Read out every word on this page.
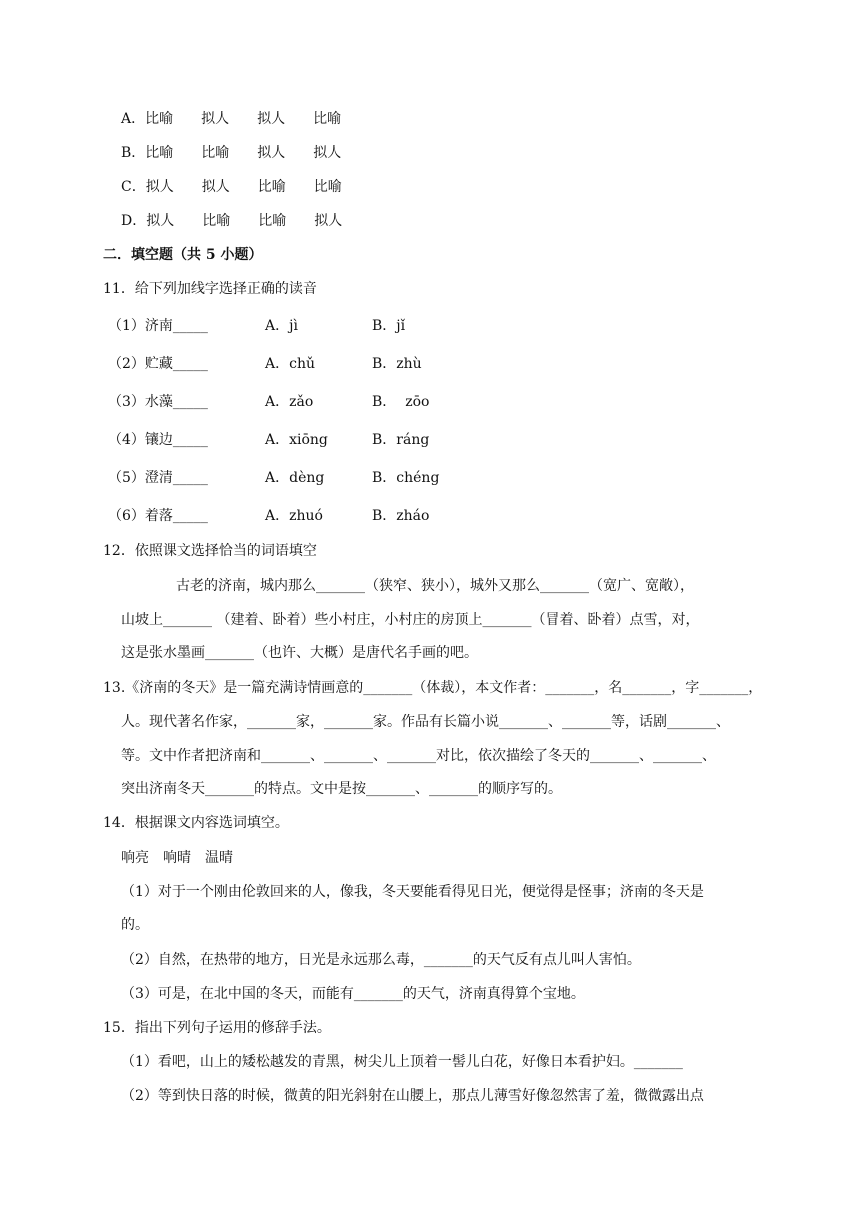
A．比喻　　拟人　　拟人　　比喻
B．比喻　　比喻　　拟人　　拟人
C．拟人　　拟人　　比喻　　比喻
D．拟人　　比喻　　比喻　　拟人
二．填空题（共 5 小题）
11．给下列加线字选择正确的读音
（1）济南_____	A．jì	B．jǐ
（2）贮藏_____	A．chǔ	B．zhù
（3）水藻_____	A．zǎo	B．  zōo
（4）镶边_____	A．xiōng	B．ráng
（5）澄清_____	A．dèng	B．chéng
（6）着落_____	A．zhuó	B．zháo
12．依照课文选择恰当的词语填空
古老的济南，城内那么_______（狭窄、狭小），城外又那么_______（宽广、宽敞），
山坡上_______ （建着、卧着）些小村庄，小村庄的房顶上_______（冒着、卧着）点雪，对，
这是张水墨画_______（也许、大概）是唐代名手画的吧。
13.《济南的冬天》是一篇充满诗情画意的_______（体裁），本文作者：_______，名_______，字_______，
人。现代著名作家，_______家，_______家。作品有长篇小说_______、_______等，话剧_______、
等。文中作者把济南和_______、_______、_______对比，依次描绘了冬天的_______、_______、
突出济南冬天_______的特点。文中是按_______、_______的顺序写的。
14．根据课文内容选词填空。
响亮　响晴　温晴
（1）对于一个刚由伦敦回来的人，像我，冬天要能看得见日光，便觉得是怪事；济南的冬天是
的。
（2）自然，在热带的地方，日光是永远那么毒，_______的天气反有点儿叫人害怕。
（3）可是，在北中国的冬天，而能有_______的天气，济南真得算个宝地。
15．指出下列句子运用的修辞手法。
（1）看吧，山上的矮松越发的青黑，树尖儿上顶着一髻儿白花，好像日本看护妇。_______
（2）等到快日落的时候，微黄的阳光斜射在山腰上，那点儿薄雪好像忽然害了羞，微微露出点
